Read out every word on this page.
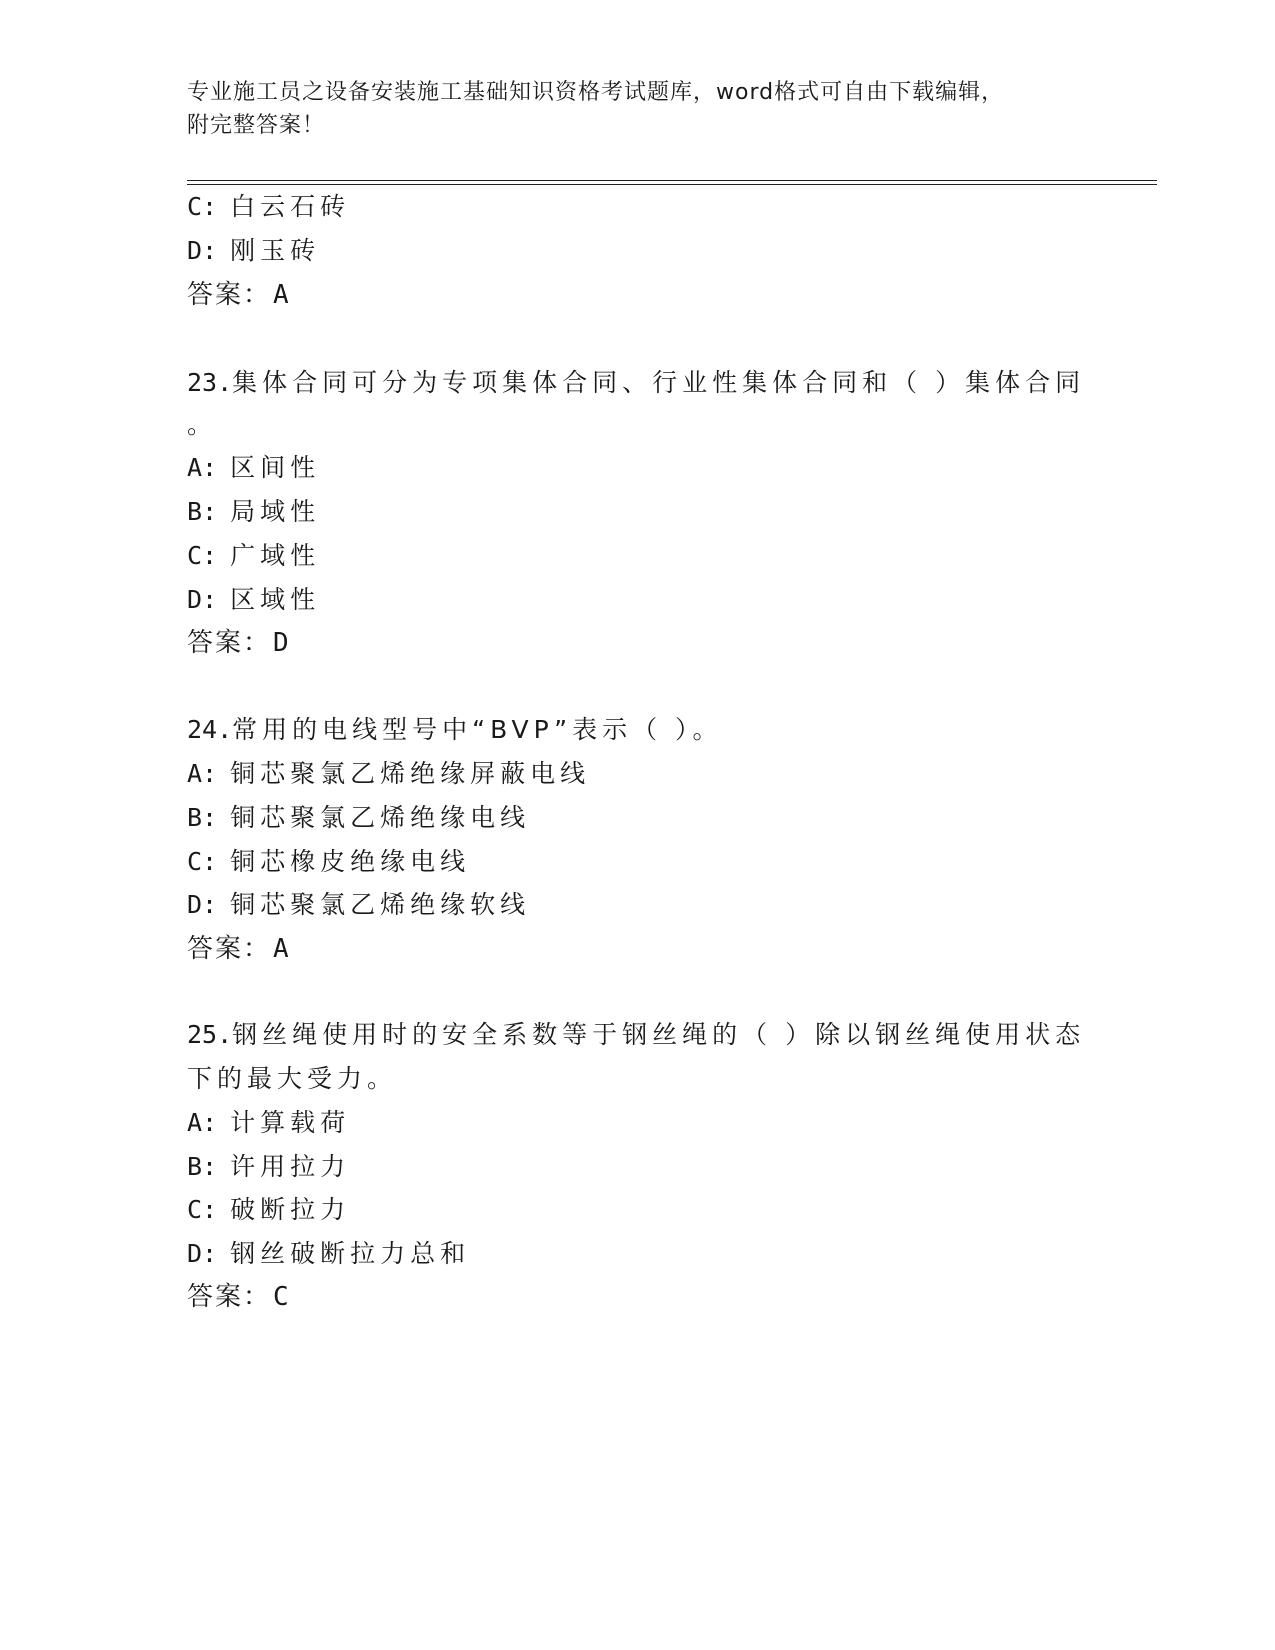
专业施工员之设备安装施工基础知识资格考试题库，word格式可自由下载编辑，
附完整答案！
C: 白云石砖
D: 刚玉砖
答案：A
23.集体合同可分为专项集体合同、行业性集体合同和（ ）集体合同
。
A: 区间性
B: 局域性
C: 广域性
D: 区域性
答案：D
24.常用的电线型号中“BVP”表示（ ）。
A: 铜芯聚氯乙烯绝缘屏蔽电线
B: 铜芯聚氯乙烯绝缘电线
C: 铜芯橡皮绝缘电线
D: 铜芯聚氯乙烯绝缘软线
答案：A
25.钢丝绳使用时的安全系数等于钢丝绳的（ ）除以钢丝绳使用状态
下的最大受力。
A: 计算载荷
B: 许用拉力
C: 破断拉力
D: 钢丝破断拉力总和
答案：C
